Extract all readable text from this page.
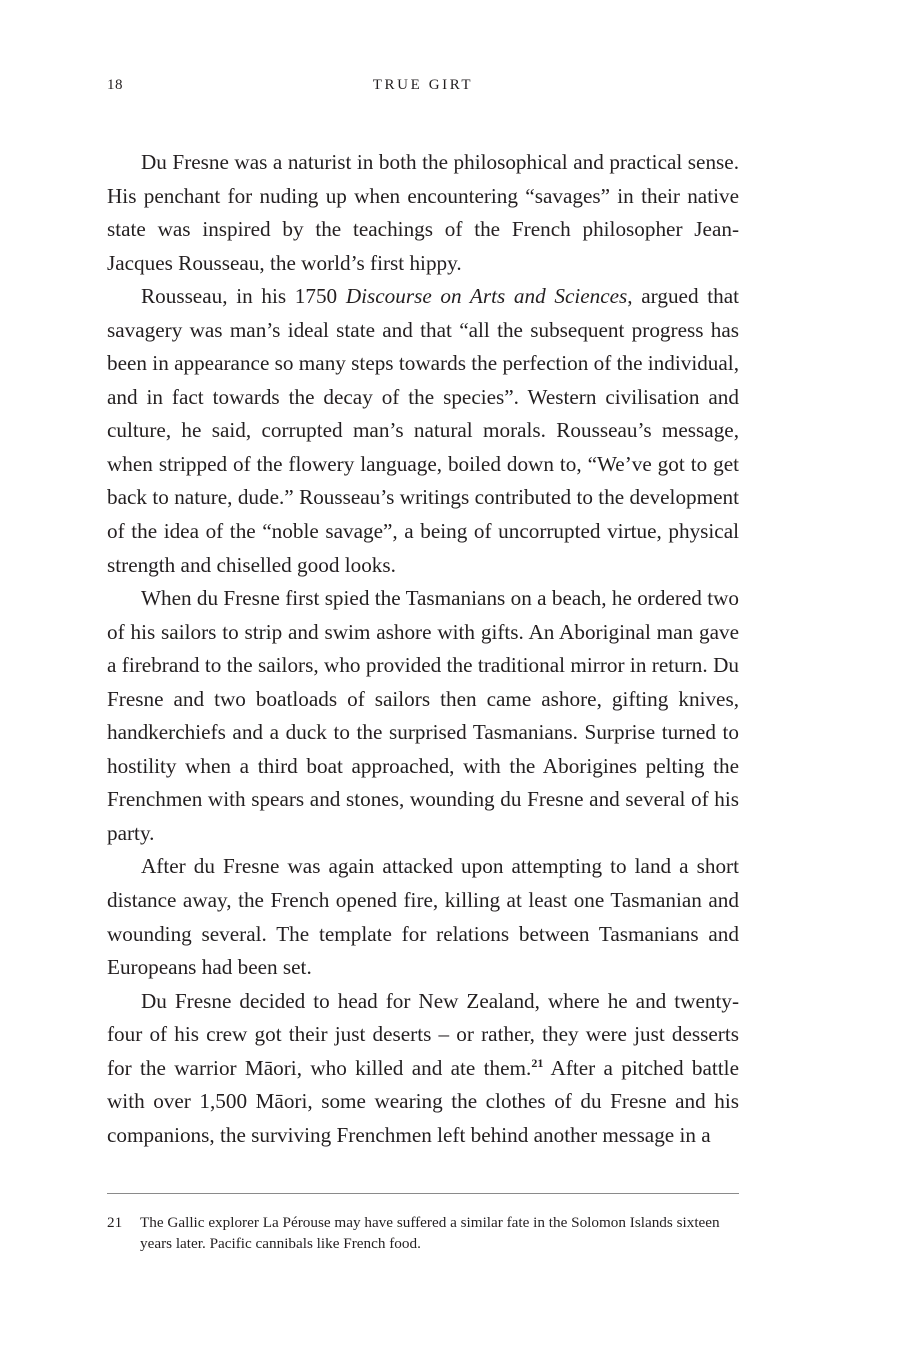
18	TRUE GIRT

Du Fresne was a naturist in both the philosophical and practical sense. His penchant for nuding up when encountering “savages” in their native state was inspired by the teachings of the French philosopher Jean-Jacques Rousseau, the world’s first hippy.

Rousseau, in his 1750 Discourse on Arts and Sciences, argued that savagery was man’s ideal state and that “all the subsequent progress has been in appearance so many steps towards the perfection of the individual, and in fact towards the decay of the species”. Western civilisation and culture, he said, corrupted man’s natural morals. Rousseau’s message, when stripped of the flowery language, boiled down to, “We’ve got to get back to nature, dude.” Rousseau’s writings contributed to the development of the idea of the “noble savage”, a being of uncorrupted virtue, physical strength and chiselled good looks.

When du Fresne first spied the Tasmanians on a beach, he ordered two of his sailors to strip and swim ashore with gifts. An Aboriginal man gave a firebrand to the sailors, who provided the traditional mirror in return. Du Fresne and two boatloads of sailors then came ashore, gifting knives, handkerchiefs and a duck to the surprised Tasmanians. Surprise turned to hostility when a third boat approached, with the Aborigines pelting the Frenchmen with spears and stones, wounding du Fresne and several of his party.

After du Fresne was again attacked upon attempting to land a short distance away, the French opened fire, killing at least one Tasmanian and wounding several. The template for relations between Tasmanians and Europeans had been set.

Du Fresne decided to head for New Zealand, where he and twenty-four of his crew got their just deserts – or rather, they were just desserts for the warrior Māori, who killed and ate them.$^{21}$ After a pitched battle with over 1,500 Māori, some wearing the clothes of du Fresne and his companions, the surviving Frenchmen left behind another message in a

21 The Gallic explorer La Pérouse may have suffered a similar fate in the Solomon Islands sixteen years later. Pacific cannibals like French food.
